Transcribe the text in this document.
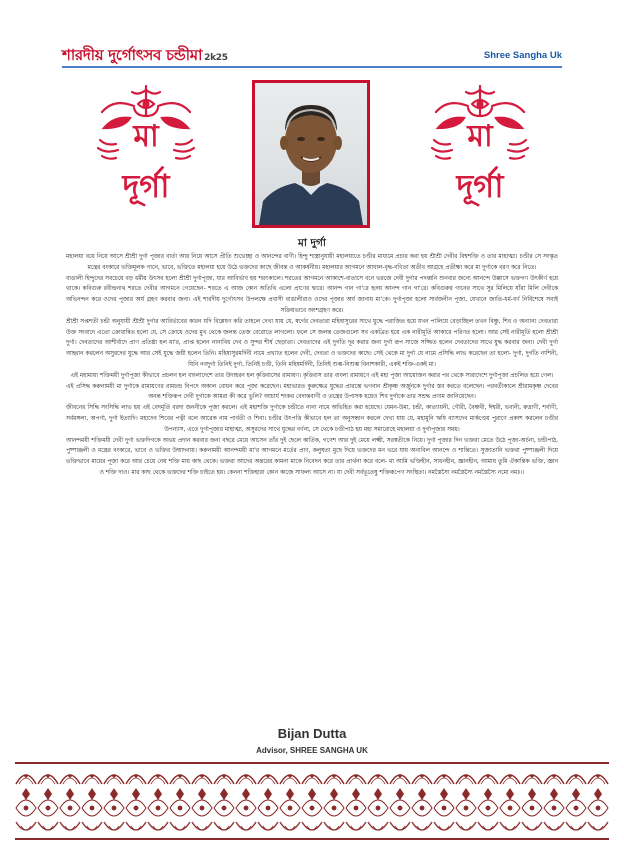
শারদীয় দুর্গোৎসব চন্ডীমা 2k25	Shree Sangha Uk
মা
দূর্গা
মা
দূর্গা
মা দুর্গা

মহালয়া বয়ে নিয়ে আসে শ্রীশ্রী দুর্গা পূজার বার্তা আর নিয়ে আসে প্রীতি শুভেচ্ছা ও আনন্দের বাণী। হিন্দু শাস্ত্রানুযায়ী মহালয়াতে চণ্ডীর মাধ্যমে প্রচার করা হয় শ্রীশ্রী দেবীর বিশ্বশক্তি ও তার মাহাত্ম্য। চণ্ডীর সে সংস্কৃত মন্ত্রের বংকারে ভক্তিমূলক গানে, ভাবে, ভক্তিতে মহালয়া হয়ে উঠে ভক্তদের কাছে জীবন্ত ও আকর্ষনীয়। মহালয়ার আগমনে আবাল-বৃদ্ধ-বণিতা অতীব আগ্রহে প্রতীক্ষা করে মা দুর্গাকে বরণ করে নিতে।

বাঙালী হিন্দুদের সবচেয়ে বড় ধর্মীয় উৎসব হলো শ্রীশ্রী দুর্গাপূজা, যার আবির্ভাব হয় শরৎকালে। শরতের আগমনে আকাশে-বাতাসে বনে ভরজে দেবী দুর্গার পদধ্বনি শুনবার জন্যে আনন্দে উল্লাসে ভক্তগণ উৎকীর্ণ হয়ে থাকে। কবিগুরু রবীন্দ্রনাথ শরতে দেবীর আগমনে গেয়েছেন- শরতে এ আজ কোন অতিথি এলো প্রাণের দ্বারে। আনন্দ গান গা'রে হৃদয় আনন্দ গান গা'রে। কবিগুরুর গানের সাথে সুর মিলিয়ে যাঁরা মিলি দেবীকে অভিনন্দন করে ওদের পূজার অর্ঘ গ্রহণ করবার জন্য। এই শারদীয় দুর্গোৎসব উপলক্ষে প্রবাসী বাঙালীরাও ওদের পূজার অর্ঘ জানায় মা'কে। দুর্গাপূজা হলো সার্বজনীন পূজা, যেখানে জাতি-ধর্ম-বর্ণ নির্বিশেষে সবাই সক্রিয়ভাবে অংশগ্রহণ করে।

শ্রীশ্রী সপ্তশতী চন্ডী অনুযায়ী শ্রীশ্রী দুর্গার আবির্ভাবের কারন যদি বিশ্লেষণ করি তাহলে দেখা যায় যে, স্বর্গের দেবতারা মহিষাসুরের সাথে যুদ্ধে পরাজিত হয়ে যখন পালিয়ে বেড়াচ্ছিল তখন বিষ্ণু, শিব ও অন্যান্য দেবতারা উক্ত সংবাদে এতো ক্রোধান্বিত হলো যে, সে ক্রোধে ওদের মুখ থেকে জলন্ত তেজ বেরোতে লাগলো। ফলে সে জলন্ত তেজগুলো সব একত্রিত হয়ে এক নারীমূর্তি আকারে পরিণত হলো। আর সেই নারীমূর্তি হলো শ্রীশ্রী দুর্গা। দেবতাদের আশীর্বাদে প্রাণ প্রতিষ্ঠা হল মা'র, প্রাপ্ত হলেন নানাবিধ দেব ও সুন্দর শীর্ষ ছেড়াতা। দেবতাদের এই দুর্গতি দূর করার জন্য দুর্গা রূপ সাজে সজ্জিত হলেন দেবতাদের সাথে যুদ্ধ করবার জন্য। দেবী দুর্গা আহ্বান করলেন অসুরদের যুদ্ধে আর সেই যুদ্ধে জয়ী হলেন তিনি। মহিষাসুরমর্দিনী নামে প্রখ্যাত হলেন দেবী, দেবতা ও ভক্তদের কাছে। সেই থেকে মা দুর্গা যে নামে প্রসিদ্ধি লাভ করেছেন তা হলো- দুর্গা, দুর্গতি নাশিনী, যিনি নবদুর্গা তিনিই দুর্গা, তিনিই চণ্ডী, তিনি মহিষমর্দিনী, তিনিই শুম্ভ-নিশুম্ভ বিনাশকারী, একই শক্তি-একই মা।

এই মহামায়া শক্তিময়ী দুর্গাপূজা কীভাবে প্রচলন হল বাংলাদেশে তার উদাহরন হল কৃত্তিবাসের রামায়ণ। কৃত্তিবাস তার বাংলা রামায়ণে এই মহা পূজা আয়োজন করার পর থেকে সারাদেশে দুর্গাপূজা প্রচলিত হয়ে গেল।

এই প্রসিদ্ধ করুনাময়ী মা দুর্গাকে রামায়ণের রামচন্দ্র বিপদে অকাল বোধন করে পূজা করেছেন। মহাভারত কুরুক্ষেত্র যুদ্ধের প্রারম্ভে ভগবান শ্রীকৃষ্ণ অর্জুনকে দুর্গার স্তব করতে বলেছেন। পরবর্তীকালে শ্রীরামকৃষ্ণ দেবের অনন্ত শক্তিরূপ দেবী দুর্গাকে আমরা কী করে ভুলি? আচার্য শংকর বেদান্তবাণী ও তন্ত্রের উপাসক হয়েও শিব দুর্গাকে তার সশ্রদ্ধ প্রণাম জানিয়েছেন।

জীবনের সিদ্ধি সংসিদ্ধি লাভ হয় এই বেদমূর্তি বরদা জননীকে পূজা করলে। এই মহাশক্তি দুর্গাকে চন্ডীতে নানা নামে অভিহিত করা হয়েছে। যেমন-উমা, চন্ডী, কাত্যায়নী, গৌরী, বৈষ্ণবী, ঈশ্বরী, ভবানী, রুদ্রাণী, শর্বাণী, সর্বমঙ্গলা, অপর্ণা, দুর্গা ইত্যাদি। মহাদেব শিবের পত্নী বলে আরেক নাম পার্বতী ও শিবা। চণ্ডীর উৎপত্তি কীভাবে হল তা অনুসন্ধান করলে দেখা যায় যে, মহামুনি ঋষি ব্যাসদেব মার্কণ্ডেয় পুরাণে প্রকাশ করলেন চণ্ডীর উপন্যাস, এতে দুর্গাপূজার মাহাত্ম্য, অসুরদের সাথে যুদ্ধের বর্ণনা, সে থেকে চণ্ডীপাঠ হয় মহা সমারোহে মহালয়া ও দুর্গাপূজার সময়।

আনন্দময়ী শক্তিময়ী দেবী দুর্গা ভক্তদিগকে অভয় প্রদান করবার জন্য বছরে মেয়ে আসেন তাঁর দুই ছেলে কার্তিক, গণেশ আর দুই মেয়ে লক্ষ্মী, সরস্বতীকে নিয়ে। দুর্গা পূজার দিন ভক্তরা মেতে উঠে পূজা-অর্চনা, চন্ডীপাঠ, পুষ্পাঞ্জলী ও মন্ত্রের বংকারে, ভাবে ও ভক্তির উন্মাদনায়। করুনাময়ী আনন্দময়ী মা'র আগমনে মর্তের প্রাণ, কলুষতা মুছে দিয়ে ভক্তদের মন ভরে যায় অনাবিল আনন্দে ও শান্তিতে। সুজাতানি ভক্তরা পুষ্পাঞ্জলী দিয়ে ভক্তিভাবে মায়ের পূজা করে আর চেয়ে নেয় শক্তি মায় কাছ থেকে। ভক্তরা আদের অন্তরের কামনা মাকে নিবেদন করে তার প্রার্থনা করে বলে- মা আমি ভক্তিহীন, সাধনহীন, জ্ঞানহীন, আমায় তুমি ঐকান্তিক ভক্তি, জ্ঞান ও শক্তি দাও। মার কাছ থেকে ভক্তদের শক্তি চাইতে হয়। কেননা শক্তিহারা কোন কাজে সাফল্য আসে না। যা দেবী সর্বভূতেষু শক্তিরূপেণ সংস্থিতা। নমস্তৈস্যৈ নমস্তৈস্যৈ নমস্তৈস্যৈ নমো নমঃ।।

Bijan Dutta
Advisor, SHREE SANGHA UK
